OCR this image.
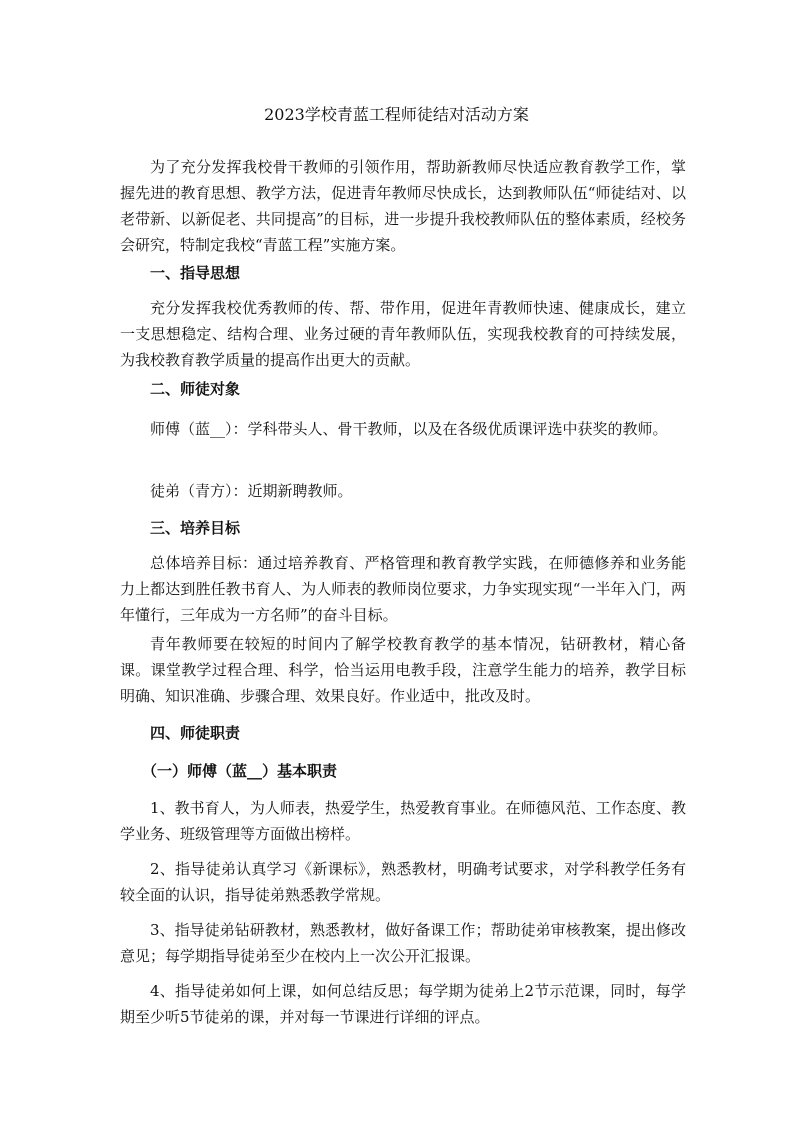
2023学校青蓝工程师徒结对活动方案

为了充分发挥我校骨干教师的引领作用，帮助新教师尽快适应教育教学工作，掌握先进的教育思想、教学方法，促进青年教师尽快成长，达到教师队伍“师徒结对、以老带新、以新促老、共同提高”的目标，进一步提升我校教师队伍的整体素质，经校务会研究，特制定我校“青蓝工程”实施方案。

一、指导思想

充分发挥我校优秀教师的传、帮、带作用，促进年青教师快速、健康成长，建立一支思想稳定、结构合理、业务过硬的青年教师队伍，实现我校教育的可持续发展，为我校教育教学质量的提高作出更大的贡献。

二、师徒对象

师傅（蓝__）：学科带头人、骨干教师，以及在各级优质课评选中获奖的教师。

徒弟（青方）：近期新聘教师。

三、培养目标

总体培养目标：通过培养教育、严格管理和教育教学实践，在师德修养和业务能力上都达到胜任教书育人、为人师表的教师岗位要求，力争实现实现“一半年入门，两年懂行，三年成为一方名师”的奋斗目标。

青年教师要在较短的时间内了解学校教育教学的基本情况，钻研教材，精心备课。课堂教学过程合理、科学，恰当运用电教手段，注意学生能力的培养，教学目标明确、知识准确、步骤合理、效果良好。作业适中，批改及时。

四、师徒职责
（一）师傅（蓝__）基本职责

1、教书育人，为人师表，热爱学生，热爱教育事业。在师德风范、工作态度、教学业务、班级管理等方面做出榜样。

2、指导徒弟认真学习《新课标》，熟悉教材，明确考试要求，对学科教学任务有较全面的认识，指导徒弟熟悉教学常规。

3、指导徒弟钻研教材，熟悉教材，做好备课工作；帮助徒弟审核教案，提出修改意见；每学期指导徒弟至少在校内上一次公开汇报课。

4、指导徒弟如何上课，如何总结反思；每学期为徒弟上2节示范课，同时，每学期至少听5节徒弟的课，并对每一节课进行详细的评点。
